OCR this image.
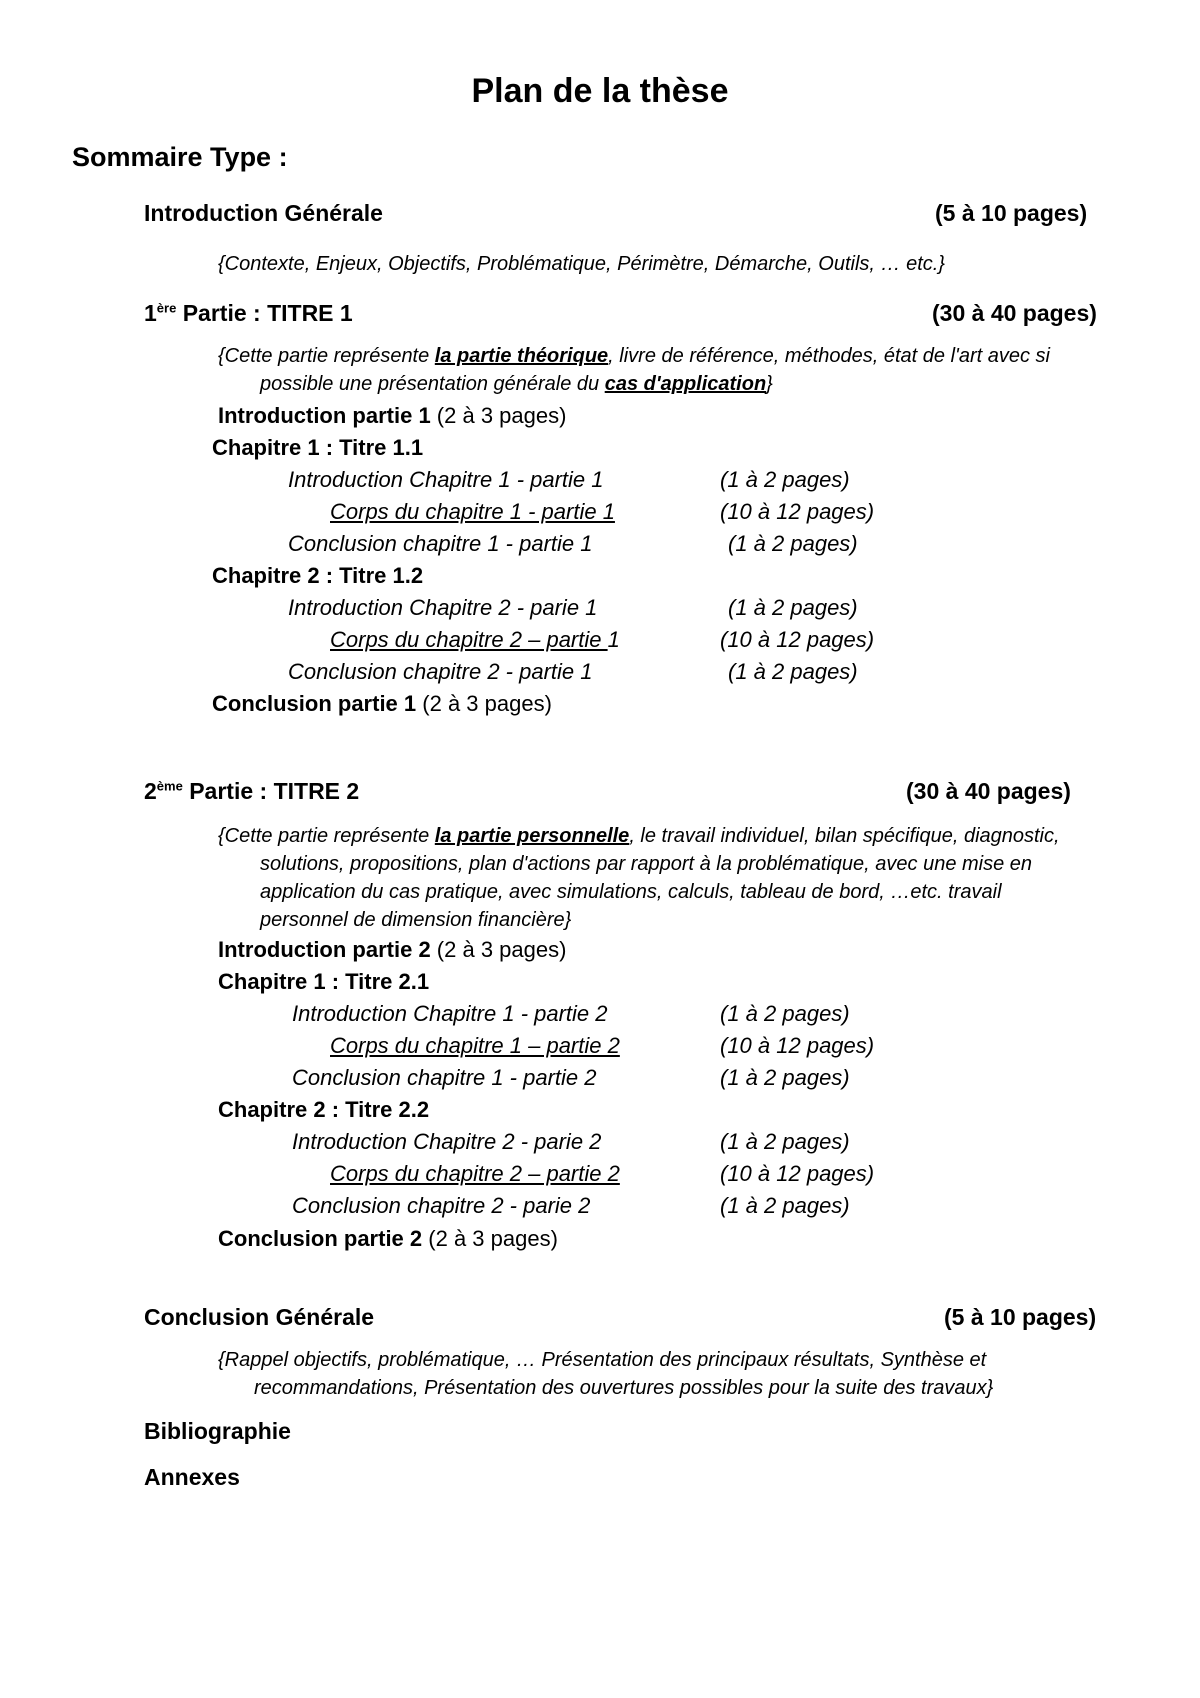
Plan de la thèse
Sommaire Type :
Introduction Générale	(5 à 10 pages)
{Contexte, Enjeux, Objectifs, Problématique, Périmètre, Démarche, Outils, … etc.}
1ère Partie : TITRE 1	(30 à 40 pages)
{Cette partie représente la partie théorique, livre de référence, méthodes, état de l'art avec si
possible une présentation générale du cas d'application}
Introduction partie 1 (2 à 3 pages)
Chapitre 1 : Titre 1.1
Introduction Chapitre 1 - partie 1	(1 à 2 pages)
Corps du chapitre 1 - partie 1	(10 à 12 pages)
Conclusion chapitre 1 - partie 1	(1 à 2 pages)
Chapitre 2 : Titre 1.2
Introduction Chapitre 2 - parie 1	(1 à 2 pages)
Corps du chapitre 2 – partie 1	(10 à 12 pages)
Conclusion chapitre 2 - partie 1	(1 à 2 pages)
Conclusion partie 1 (2 à 3 pages)
2ème Partie : TITRE 2	(30 à 40 pages)
{Cette partie représente la partie personnelle, le travail individuel, bilan spécifique, diagnostic,
solutions, propositions, plan d'actions par rapport à la problématique, avec une mise en
application du cas pratique, avec simulations, calculs, tableau de bord, …etc. travail
personnel de dimension financière}
Introduction partie 2 (2 à 3 pages)
Chapitre 1 : Titre 2.1
Introduction Chapitre 1 - partie 2	(1 à 2 pages)
Corps du chapitre 1 – partie 2	(10 à 12 pages)
Conclusion chapitre 1 - partie 2	(1 à 2 pages)
Chapitre 2 : Titre 2.2
Introduction Chapitre 2 - parie 2	(1 à 2 pages)
Corps du chapitre 2 – partie 2	(10 à 12 pages)
Conclusion chapitre 2 - parie 2	(1 à 2 pages)
Conclusion partie 2 (2 à 3 pages)
Conclusion Générale	(5 à 10 pages)
{Rappel objectifs, problématique, … Présentation des principaux résultats, Synthèse et
recommandations, Présentation des ouvertures possibles pour la suite des travaux}
Bibliographie
Annexes
